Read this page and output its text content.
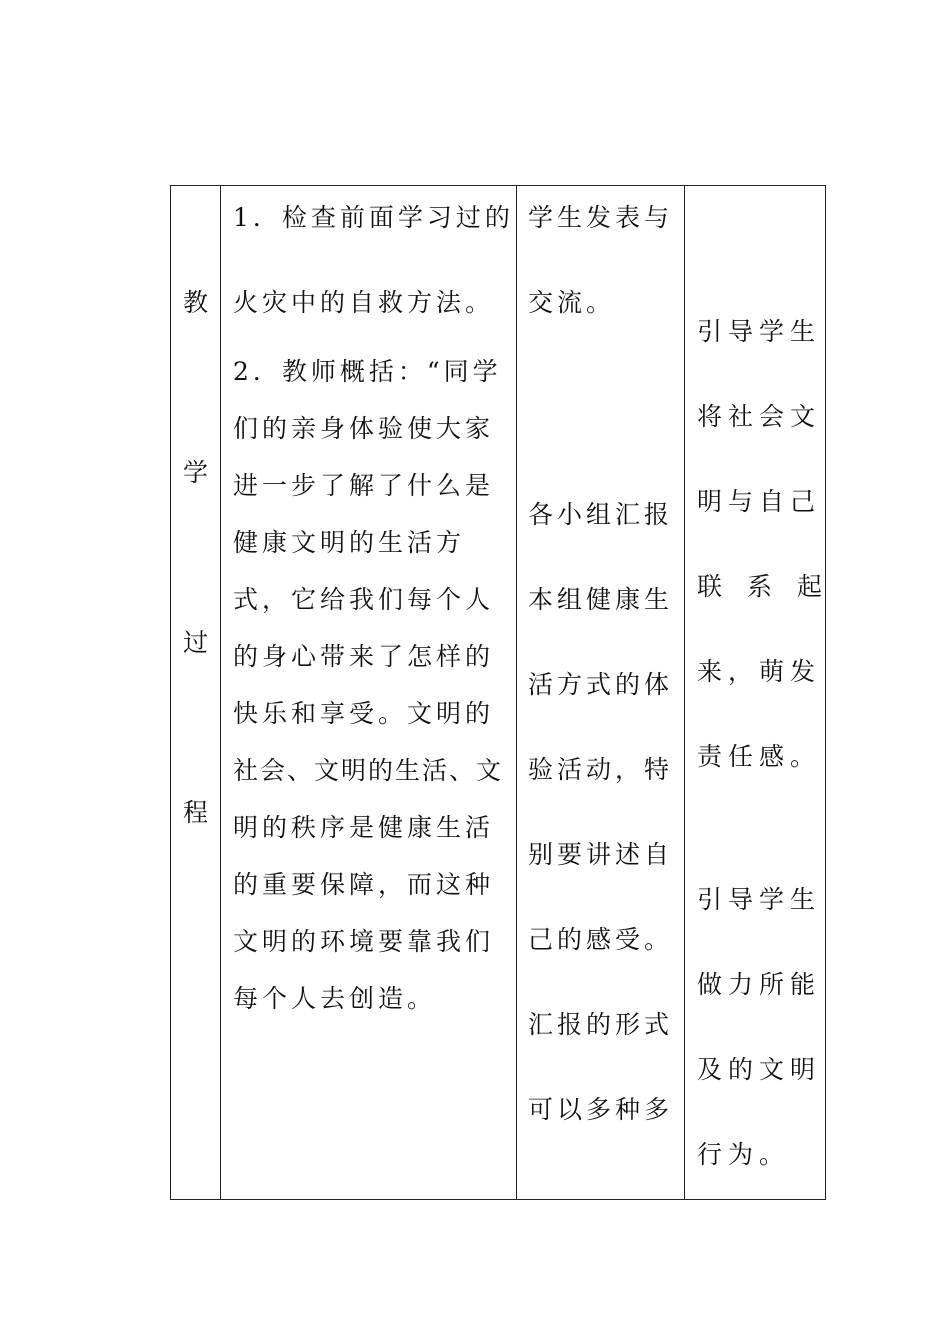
教
学
过
程
1．检查前面学习过的
火灾中的自救方法。
2．教师概括：“同学
们的亲身体验使大家
进一步了解了什么是
健康文明的生活方
式，它给我们每个人
的身心带来了怎样的
快乐和享受。文明的
社会、文明的生活、文
明的秩序是健康生活
的重要保障，而这种
文明的环境要靠我们
每个人去创造。
学生发表与
交流。
各小组汇报
本组健康生
活方式的体
验活动，特
别要讲述自
己的感受。
汇报的形式
可以多种多
引导学生
将社会文
明与自己
联　系　起
来，萌发
责任感。
引导学生
做力所能
及的文明
行为。
